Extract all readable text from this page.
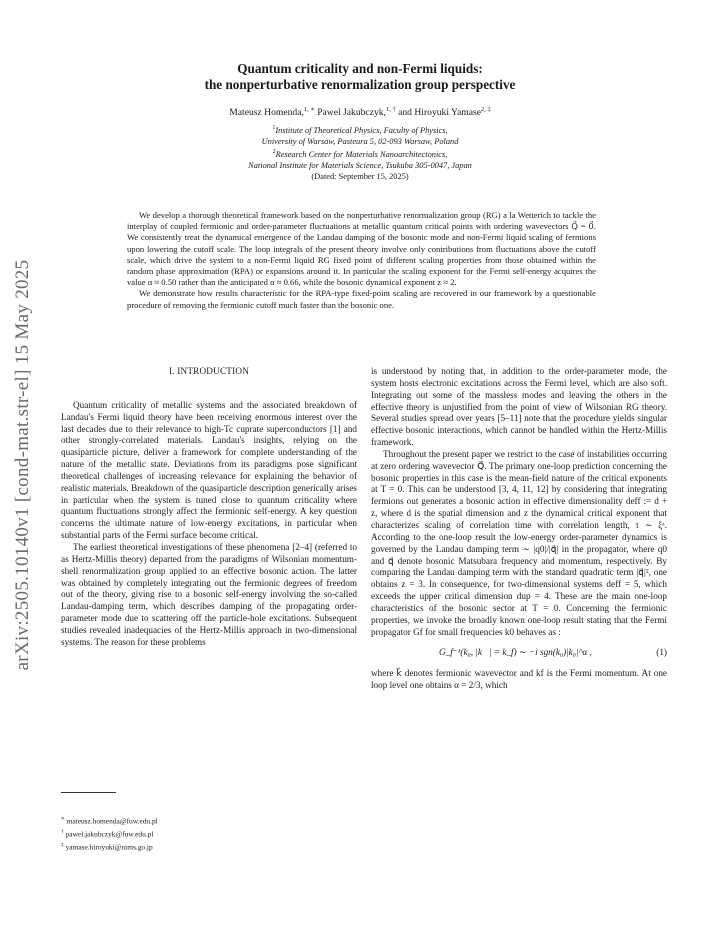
arXiv:2505.10140v1 [cond-mat.str-el] 15 May 2025
Quantum criticality and non-Fermi liquids:
the nonperturbative renormalization group perspective
Mateusz Homenda,$^{1, ∗}$ Pawel Jakubczyk,$^{1, \dagger}$ and Hiroyuki Yamase$^{2, \ddagger}$

$^1$Institute of Theoretical Physics, Faculty of Physics,

University of Warsaw, Pasteura 5, 02-093 Warsaw, Poland

$^2$Research Center for Materials Nanoarchitectonics,

National Institute for Materials Science, Tsukuba 305-0047, Japan

(Dated: September 15, 2025)

We develop a thorough theoretical framework based on the nonperturbative renormalization group (RG) a la Wetterich to tackle the interplay of coupled fermionic and order-parameter fluctuations at metallic quantum critical points with ordering wavevectors Q⃗ = 0⃗. We consistently treat the dynamical emergence of the Landau damping of the bosonic mode and non-Fermi liquid scaling of fermions upon lowering the cutoff scale. The loop integrals of the present theory involve only contributions from fluctuations above the cutoff scale, which drive the system to a non-Fermi liquid RG fixed point of different scaling properties from those obtained within the random phase approximation (RPA) or expansions around it. In particular the scaling exponent for the Fermi self-energy acquires the value α ≈ 0.50 rather than the anticipated α ≈ 0.66, while the bosonic dynamical exponent z ≈ 2.

We demonstrate how results characteristic for the RPA-type fixed-point scaling are recovered in our framework by a questionable procedure of removing the fermionic cutoff much faster than the bosonic one.

I. INTRODUCTION

Quantum criticality of metallic systems and the associated breakdown of Landau's Fermi liquid theory have been receiving enormous interest over the last decades due to their relevance to high-Tc cuprate superconductors [1] and other strongly-correlated materials. Landau's insights, relying on the quasiparticle picture, deliver a framework for complete understanding of the nature of the metallic state. Deviations from its paradigms pose significant theoretical challenges of increasing relevance for explaining the behavior of realistic materials. Breakdown of the quasiparticle description generically arises in particular when the system is tuned close to quantum criticality where quantum fluctuations strongly affect the fermionic self-energy. A key question concerns the ultimate nature of low-energy excitations, in particular when substantial parts of the Fermi surface become critical.

The earliest theoretical investigations of these phenomena [2–4] (referred to as Hertz-Millis theory) departed from the paradigms of Wilsonian momentum-shell renormalization group applied to an effective bosonic action. The latter was obtained by completely integrating out the fermionic degrees of freedom out of the theory, giving rise to a bosonic self-energy involving the so-called Landau-damping term, which describes damping of the propagating order-parameter mode due to scattering off the particle-hole excitations. Subsequent studies revealed inadequacies of the Hertz-Millis approach in two-dimensional systems. The reason for these problems

is understood by noting that, in addition to the order-parameter mode, the system hosts electronic excitations across the Fermi level, which are also soft. Integrating out some of the massless modes and leaving the others in the effective theory is unjustified from the point of view of Wilsonian RG theory. Several studies spread over years [5–11] note that the procedure yields singular effective bosonic interactions, which cannot be handled within the Hertz-Millis framework.

Throughout the present paper we restrict to the case of instabilities occurring at zero ordering wavevector Q⃗. The primary one-loop prediction concerning the bosonic properties in this case is the mean-field nature of the critical exponents at T = 0. This can be understood [3, 4, 11, 12] by considering that integrating fermions out generates a bosonic action in effective dimensionality deff := d + z, where d is the spatial dimension and z the dynamical critical exponent that characterizes scaling of correlation time with correlation length, τ ∼ ξᶻ. According to the one-loop result the low-energy order-parameter dynamics is governed by the Landau damping term ∼ |q0|/|q⃗| in the propagator, where q0 and q⃗ denote bosonic Matsubara frequency and momentum, respectively. By comparing the Landau damping term with the standard quadratic term |q⃗|², one obtains z = 3. In consequence, for two-dimensional systems deff = 5, which exceeds the upper critical dimension dup = 4. These are the main one-loop characteristics of the bosonic sector at T = 0. Concerning the fermionic properties, we invoke the broadly known one-loop result stating that the Fermi propagator Gf for small frequencies k0 behaves as :

G_f⁻¹(k₀, |k⃗| = k_f) ∼ −i sgn(k₀)|k₀|^α ,	(1)

where k⃗ denotes fermionic wavevector and kf is the Fermi momentum. At one loop level one obtains α = 2/3, which

∗ mateusz.homenda@fuw.edu.pl

† pawel.jakubczyk@fuw.edu.pl

‡ yamase.hiroyuki@nims.go.jp
